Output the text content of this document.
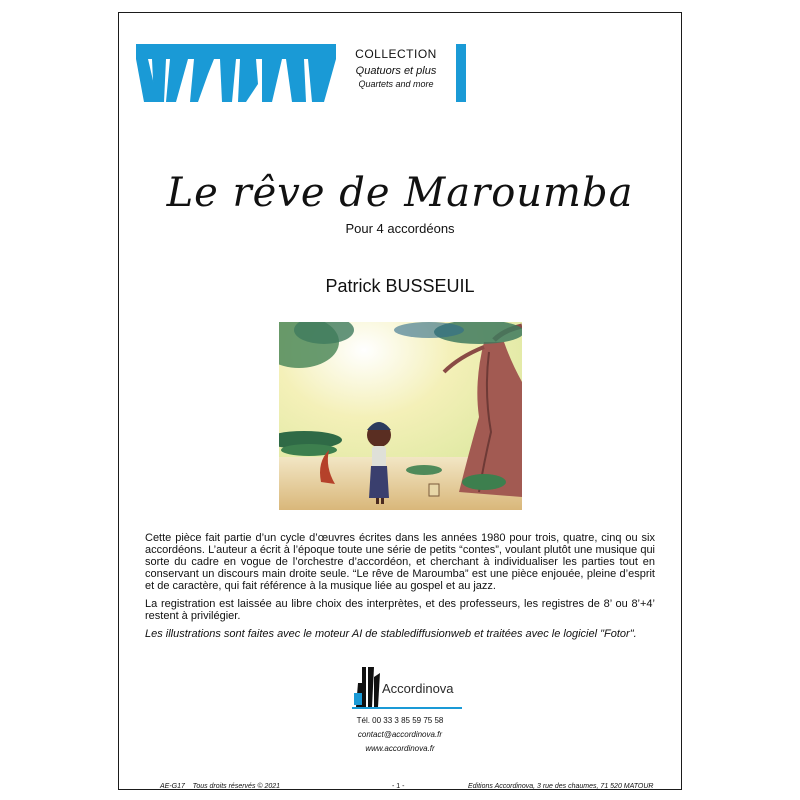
COLLECTION
Quatuors et plus
Quartets and more
Le rêve de Maroumba
Pour 4 accordéons
Patrick BUSSEUIL

Cette pièce fait partie d’un cycle d’œuvres écrites dans les années 1980 pour trois, quatre, cinq ou six accordéons. L’auteur a écrit à l’époque toute une série de petits “contes”, voulant plutôt une musique qui sorte du cadre en vogue de l’orchestre d’accordéon, et cherchant à individualiser les parties tout en conservant un discours main droite seule. “Le rêve de Maroumba” est une pièce enjouée, pleine d’esprit et de caractère, qui fait référence à la musique liée au gospel et au jazz.

La registration est laissée au libre choix des interprètes, et des professeurs, les registres de 8’ ou 8’+4’ restent à privilégier.

Les illustrations sont faites avec le moteur AI de stablediffusionweb et traitées avec le logiciel "Fotor".

Accordinova
Tél. 00 33 3 85 59 75 58
contact@accordinova.fr
www.accordinova.fr
AE-G17    Tous droits réservés © 2021	- 1 -	Editions Accordinova, 3 rue des chaumes, 71 520 MATOUR
